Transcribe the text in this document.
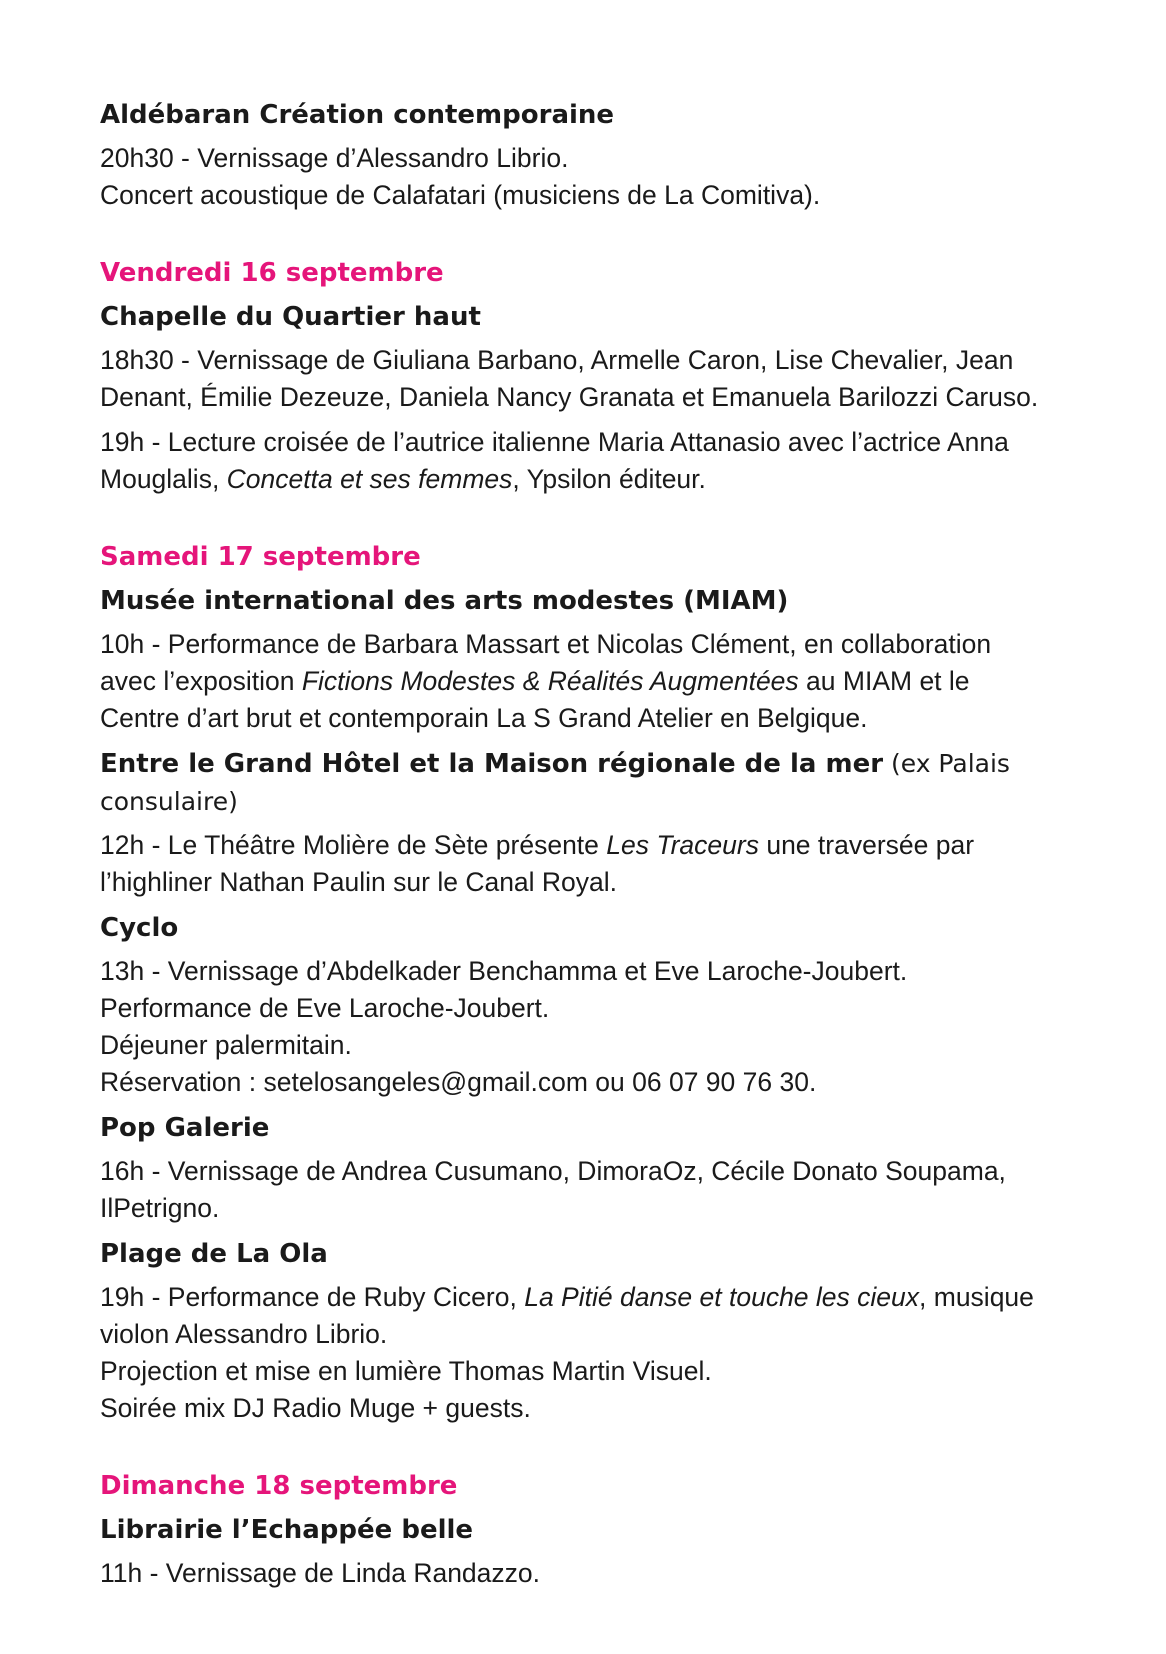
Aldébaran Création contemporaine

20h30 - Vernissage d’Alessandro Librio.

Concert acoustique de Calafatari (musiciens de La Comitiva).

Vendredi 16 septembre
Chapelle du Quartier haut

18h30 - Vernissage de Giuliana Barbano, Armelle Caron, Lise Chevalier, Jean

Denant, Émilie Dezeuze, Daniela Nancy Granata et Emanuela Barilozzi Caruso.

19h - Lecture croisée de l’autrice italienne Maria Attanasio avec l’actrice Anna

Mouglalis, Concetta et ses femmes, Ypsilon éditeur.

Samedi 17 septembre
Musée international des arts modestes (MIAM)

10h - Performance de Barbara Massart et Nicolas Clément, en collaboration

avec l’exposition Fictions Modestes & Réalités Augmentées au MIAM et le

Centre d’art brut et contemporain La S Grand Atelier en Belgique.

Entre le Grand Hôtel et la Maison régionale de la mer (ex Palais consulaire)

12h - Le Théâtre Molière de Sète présente Les Traceurs une traversée par

l’highliner Nathan Paulin sur le Canal Royal.

Cyclo

13h - Vernissage d’Abdelkader Benchamma et Eve Laroche-Joubert.

Performance de Eve Laroche-Joubert.

Déjeuner palermitain.

Réservation : setelosangeles@gmail.com ou 06 07 90 76 30.

Pop Galerie

16h - Vernissage de Andrea Cusumano, DimoraOz, Cécile Donato Soupama,

IlPetrigno.

Plage de La Ola

19h - Performance de Ruby Cicero, La Pitié danse et touche les cieux, musique

violon Alessandro Librio.

Projection et mise en lumière Thomas Martin Visuel.

Soirée mix DJ Radio Muge + guests.

Dimanche 18 septembre
Librairie l’Echappée belle

11h - Vernissage de Linda Randazzo.
